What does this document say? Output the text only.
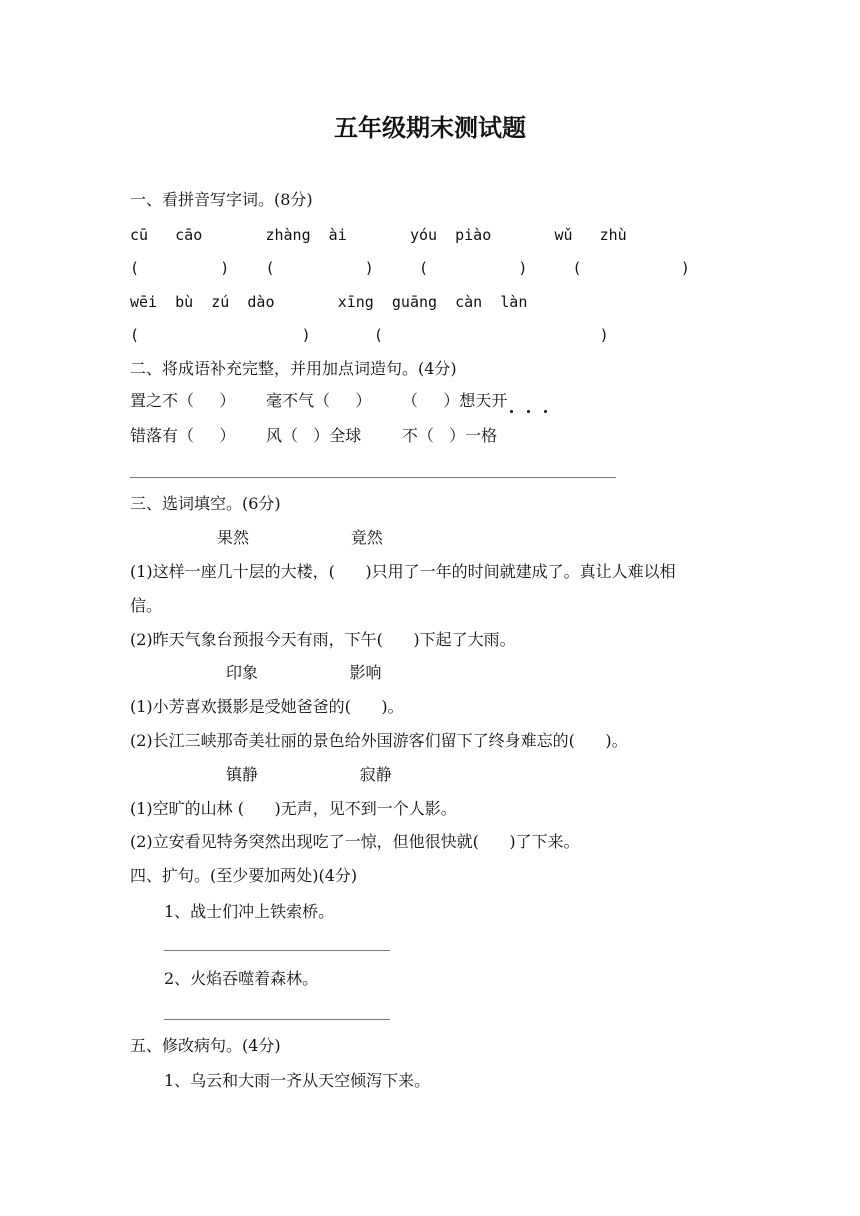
五年级期末测试题
一、看拼音写字词。(8分)
cū   cāo       zhàng  ài       yóu  piào       wǔ   zhù
(         )    (          )     (          )     (           )
wēi  bù  zú  dào       xīng  guāng  càn  làn
(                  )       (                        )
二、将成语补充完整，并用加点词造句。(4分)
置之不（     ）      毫不气（     ）      （     ）想天开
错落有（     ）      风（   ）全球        不（   ）一格
三、选词填空。(6分)
果然                    竟然
(1)这样一座几十层的大楼，(      )只用了一年的时间就建成了。真让人难以相
信。
(2)昨天气象台预报今天有雨，下午(      )下起了大雨。
印象                  影响
(1)小芳喜欢摄影是受她爸爸的(      )。
(2)长江三峡那奇美壮丽的景色给外国游客们留下了终身难忘的(      )。
镇静                    寂静
(1)空旷的山林 (      )无声，见不到一个人影。
(2)立安看见特务突然出现吃了一惊，但他很快就(      )了下来。
四、扩句。(至少要加两处)(4分)
1、战士们冲上铁索桥。
2、火焰吞噬着森林。
五、修改病句。(4分)
1、乌云和大雨一齐从天空倾泻下来。
